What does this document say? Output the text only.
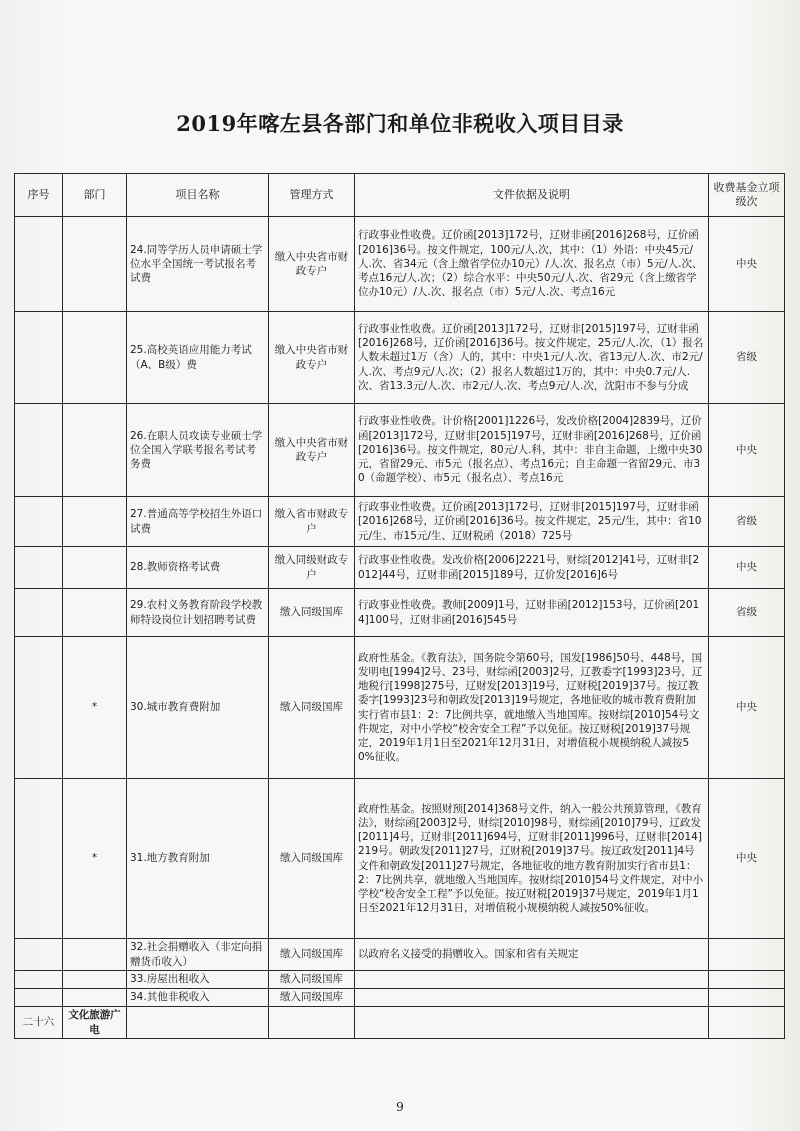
2019年喀左县各部门和单位非税收入项目目录
序号	部门	项目名称	管理方式	文件依据及说明	收费基金立项级次
		24.同等学历人员申请硕士学位水平全国统一考试报名考试费	缴入中央省市财政专户	行政事业性收费。辽价函[2013]172号，辽财非函[2016]268号，辽价函[2016]36号。按文件规定，100元/人.次，其中：（1）外语：中央45元/人.次、省34元（含上缴省学位办10元）/人.次、报名点（市）5元/人.次、考点16元/人.次；（2）综合水平：中央50元/人.次、省29元（含上缴省学位办10元）/人.次、报名点（市）5元/人.次、考点16元	中央
		25.高校英语应用能力考试（A、B级）费	缴入中央省市财政专户	行政事业性收费。辽价函[2013]172号，辽财非[2015]197号，辽财非函[2016]268号，辽价函[2016]36号。按文件规定，25元/人.次，（1）报名人数未超过1万（含）人的，其中：中央1元/人.次、省13元/人.次、市2元/人.次、考点9元/人.次；（2）报名人数超过1万的，其中：中央0.7元/人.次、省13.3元/人.次、市2元/人.次、考点9元/人.次，沈阳市不参与分成	省级
		26.在职人员攻读专业硕士学位全国入学联考报名考试考务费	缴入中央省市财政专户	行政事业性收费。计价格[2001]1226号，发改价格[2004]2839号，辽价函[2013]172号，辽财非[2015]197号，辽财非函[2016]268号，辽价函[2016]36号。按文件规定，80元/人.科，其中：非自主命题，上缴中央30元，省留29元、市5元（报名点）、考点16元；自主命题一省留29元、市30（命题学校）、市5元（报名点）、考点16元	中央
		27.普通高等学校招生外语口试费	缴入省市财政专户	行政事业性收费。辽价函[2013]172号，辽财非[2015]197号，辽财非函[2016]268号，辽价函[2016]36号。按文件规定，25元/生，其中：省10元/生、市15元/生、辽财税函（2018）725号	省级
		28.教师资格考试费	缴入同级财政专户	行政事业性收费。发改价格[2006]2221号，财综[2012]41号，辽财非[2012]44号，辽财非函[2015]189号，辽价发[2016]6号	中央
		29.农村义务教育阶段学校教师特设岗位计划招聘考试费	缴入同级国库	行政事业性收费。教师[2009]1号，辽财非函[2012]153号，辽价函[2014]100号，辽财非函[2016]545号	省级
	*	30.城市教育费附加	缴入同级国库	政府性基金。《教育法》，国务院令第60号，国发[1986]50号、448号，国发明电[1994]2号、23号，财综函[2003]2号，辽教委字[1993]23号，辽地税行[1998]275号，辽财发[2013]19号，辽财税[2019]37号。按辽教委字[1993]23号和朝政发[2013]19号规定，各地征收的城市教育费附加实行省市县1：2：7比例共享，就地缴入当地国库。按财综[2010]54号文件规定，对中小学校“校舍安全工程”予以免征。按辽财税[2019]37号规定，2019年1月1日至2021年12月31日，对增值税小规模纳税人减按50%征收。	中央
	*	31.地方教育附加	缴入同级国库	政府性基金。按照财预[2014]368号文件，纳入一般公共预算管理，《教育法》，财综函[2003]2号，财综[2010]98号，财综函[2010]79号，辽政发[2011]4号，辽财非[2011]694号，辽财非[2011]996号，辽财非[2014]219号。朝政发[2011]27号，辽财税[2019]37号。按辽政发[2011]4号文件和朝政发[2011]27号规定，各地征收的地方教育附加实行省市县1：2：7比例共享，就地缴入当地国库。按财综[2010]54号文件规定，对中小学校“校舍安全工程”予以免征。按辽财税[2019]37号规定，2019年1月1日至2021年12月31日，对增值税小规模纳税人减按50%征收。	中央
		32.社会捐赠收入（非定向捐赠货币收入）	缴入同级国库	以政府名义接受的捐赠收入。国家和省有关规定	
		33.房屋出租收入	缴入同级国库		
		34.其他非税收入	缴入同级国库		
二十六	文化旅游广电				
9
